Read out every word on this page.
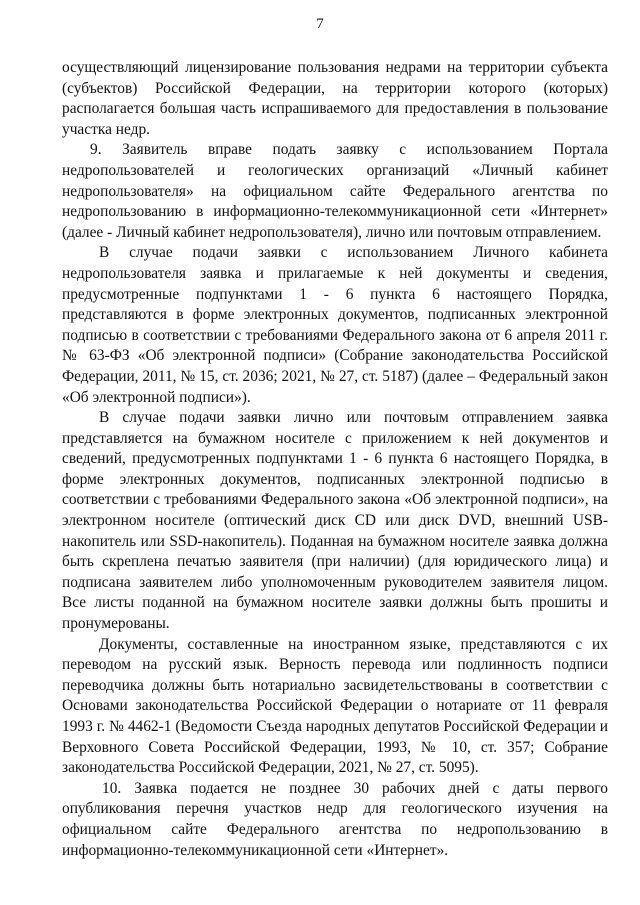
7

осуществляющий лицензирование пользования недрами на территории субъекта (субъектов) Российской Федерации, на территории которого (которых) располагается большая часть испрашиваемого для предоставления в пользование участка недр.

9. Заявитель вправе подать заявку с использованием Портала недропользователей и геологических организаций «Личный кабинет недропользователя» на официальном сайте Федерального агентства по недропользованию в информационно-телекоммуникационной сети «Интернет» (далее - Личный кабинет недропользователя), лично или почтовым отправлением.

В случае подачи заявки с использованием Личного кабинета недропользователя заявка и прилагаемые к ней документы и сведения, предусмотренные подпунктами 1 - 6 пункта 6 настоящего Порядка, представляются в форме электронных документов, подписанных электронной подписью в соответствии с требованиями Федерального закона от 6 апреля 2011 г. № 63-ФЗ «Об электронной подписи» (Собрание законодательства Российской Федерации, 2011, № 15, ст. 2036; 2021, № 27, ст. 5187) (далее – Федеральный закон «Об электронной подписи»).

В случае подачи заявки лично или почтовым отправлением заявка представляется на бумажном носителе с приложением к ней документов и сведений, предусмотренных подпунктами 1 - 6 пункта 6 настоящего Порядка, в форме электронных документов, подписанных электронной подписью в соответствии с требованиями Федерального закона «Об электронной подписи», на электронном носителе (оптический диск CD или диск DVD, внешний USB-накопитель или SSD-накопитель). Поданная на бумажном носителе заявка должна быть скреплена печатью заявителя (при наличии) (для юридического лица) и подписана заявителем либо уполномоченным руководителем заявителя лицом. Все листы поданной на бумажном носителе заявки должны быть прошиты и пронумерованы.

Документы, составленные на иностранном языке, представляются с их переводом на русский язык. Верность перевода или подлинность подписи переводчика должны быть нотариально засвидетельствованы в соответствии с Основами законодательства Российской Федерации о нотариате от 11 февраля 1993 г. № 4462-1 (Ведомости Съезда народных депутатов Российской Федерации и Верховного Совета Российской Федерации, 1993, № 10, ст. 357; Собрание законодательства Российской Федерации, 2021, № 27, ст. 5095).

10. Заявка подается не позднее 30 рабочих дней с даты первого опубликования перечня участков недр для геологического изучения на официальном сайте Федерального агентства по недропользованию в информационно-телекоммуникационной сети «Интернет».
